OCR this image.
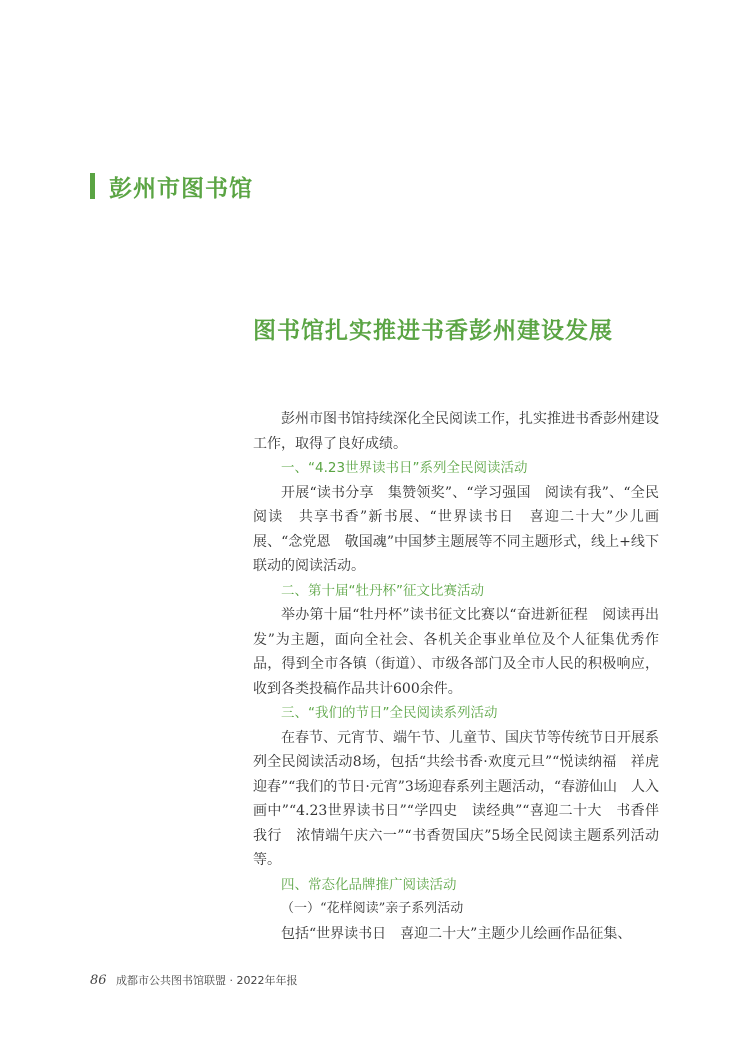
彭州市图书馆
图书馆扎实推进书香彭州建设发展

彭州市图书馆持续深化全民阅读工作，扎实推进书香彭州建设工作，取得了良好成绩。

一、“4.23世界读书日”系列全民阅读活动

开展“读书分享　集赞领奖”、“学习强国　阅读有我”、“全民阅读　共享书香”新书展、“世界读书日　喜迎二十大”少儿画展、“念党恩　敬国魂”中国梦主题展等不同主题形式，线上+线下联动的阅读活动。

二、第十届“牡丹杯”征文比赛活动

举办第十届“牡丹杯”读书征文比赛以“奋进新征程　阅读再出发”为主题，面向全社会、各机关企事业单位及个人征集优秀作品，得到全市各镇（街道）、市级各部门及全市人民的积极响应，收到各类投稿作品共计600余件。

三、“我们的节日”全民阅读系列活动

在春节、元宵节、端午节、儿童节、国庆节等传统节日开展系列全民阅读活动8场，包括“共绘书香·欢度元旦”“悦读纳福　祥虎迎春”“我们的节日·元宵”3场迎春系列主题活动，“春游仙山　人入画中”“4.23世界读书日”“学四史　读经典”“喜迎二十大　书香伴我行　浓情端午庆六一”“书香贺国庆”5场全民阅读主题系列活动等。

四、常态化品牌推广阅读活动

（一）“花样阅读”亲子系列活动

包括“世界读书日　喜迎二十大”主题少儿绘画作品征集、

86 成都市公共图书馆联盟 · 2022年年报
